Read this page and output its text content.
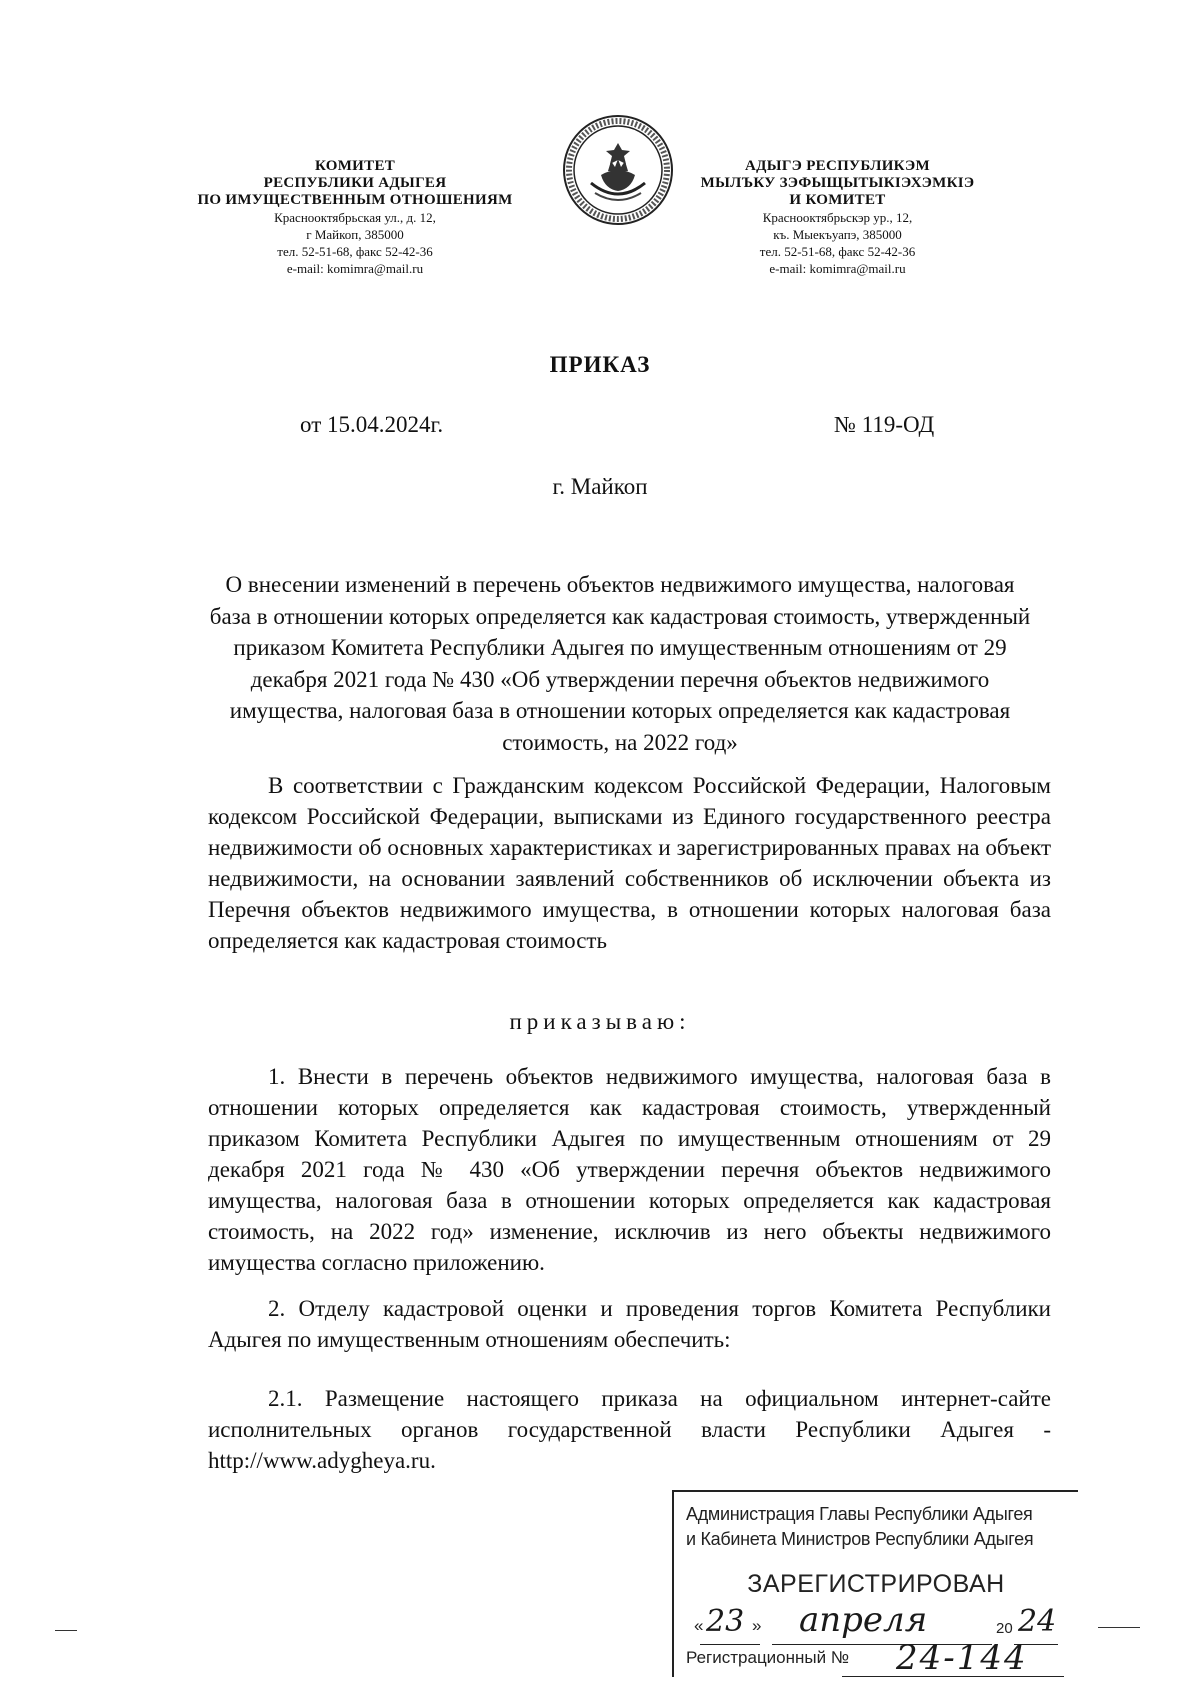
КОМИТЕТ
РЕСПУБЛИКИ АДЫГЕЯ
ПО ИМУЩЕСТВЕННЫМ ОТНОШЕНИЯМ
Краснооктябрьская ул., д. 12,
г Майкоп, 385000
тел. 52-51-68, факс 52-42-36
e-mail: komimra@mail.ru
АДЫГЭ РЕСПУБЛИКЭМ
МЫЛЪКУ ЗЭФЫЩЫТЫКIЭХЭМКIЭ
И КОМИТЕТ
Краснооктябрьскэр ур., 12,
къ. Мыекъуапэ, 385000
тел. 52-51-68, факс 52-42-36
e-mail: komimra@mail.ru
ПРИКАЗ
от 15.04.2024г.	№ 119-ОД
г. Майкоп
О внесении изменений в перечень объектов недвижимого имущества, налоговая база в отношении которых определяется как кадастровая стоимость, утвержденный приказом Комитета Республики Адыгея по имущественным отношениям от 29 декабря 2021 года № 430 «Об утверждении перечня объектов недвижимого имущества, налоговая база в отношении которых определяется как кадастровая стоимость, на 2022 год»
В соответствии с Гражданским кодексом Российской Федерации, Налоговым кодексом Российской Федерации, выписками из Единого государственного реестра недвижимости об основных характеристиках и зарегистрированных правах на объект недвижимости, на основании заявлений собственников об исключении объекта из Перечня объектов недвижимого имущества, в отношении которых налоговая база определяется как кадастровая стоимость
приказываю:
1. Внести в перечень объектов недвижимого имущества, налоговая база в отношении которых определяется как кадастровая стоимость, утвержденный приказом Комитета Республики Адыгея по имущественным отношениям от 29 декабря 2021 года № 430 «Об утверждении перечня объектов недвижимого имущества, налоговая база в отношении которых определяется как кадастровая стоимость, на 2022 год» изменение, исключив из него объекты недвижимого имущества согласно приложению.
2. Отделу кадастровой оценки и проведения торгов Комитета Республики Адыгея по имущественным отношениям обеспечить:
2.1. Размещение настоящего приказа на официальном интернет-сайте исполнительных органов государственной власти Республики Адыгея - http://www.adygheya.ru.
Администрация Главы Республики Адыгея
и Кабинета Министров Республики Адыгея
ЗАРЕГИСТРИРОВАН
« 23 » апреля	20 24
Регистрационный № 24-144
